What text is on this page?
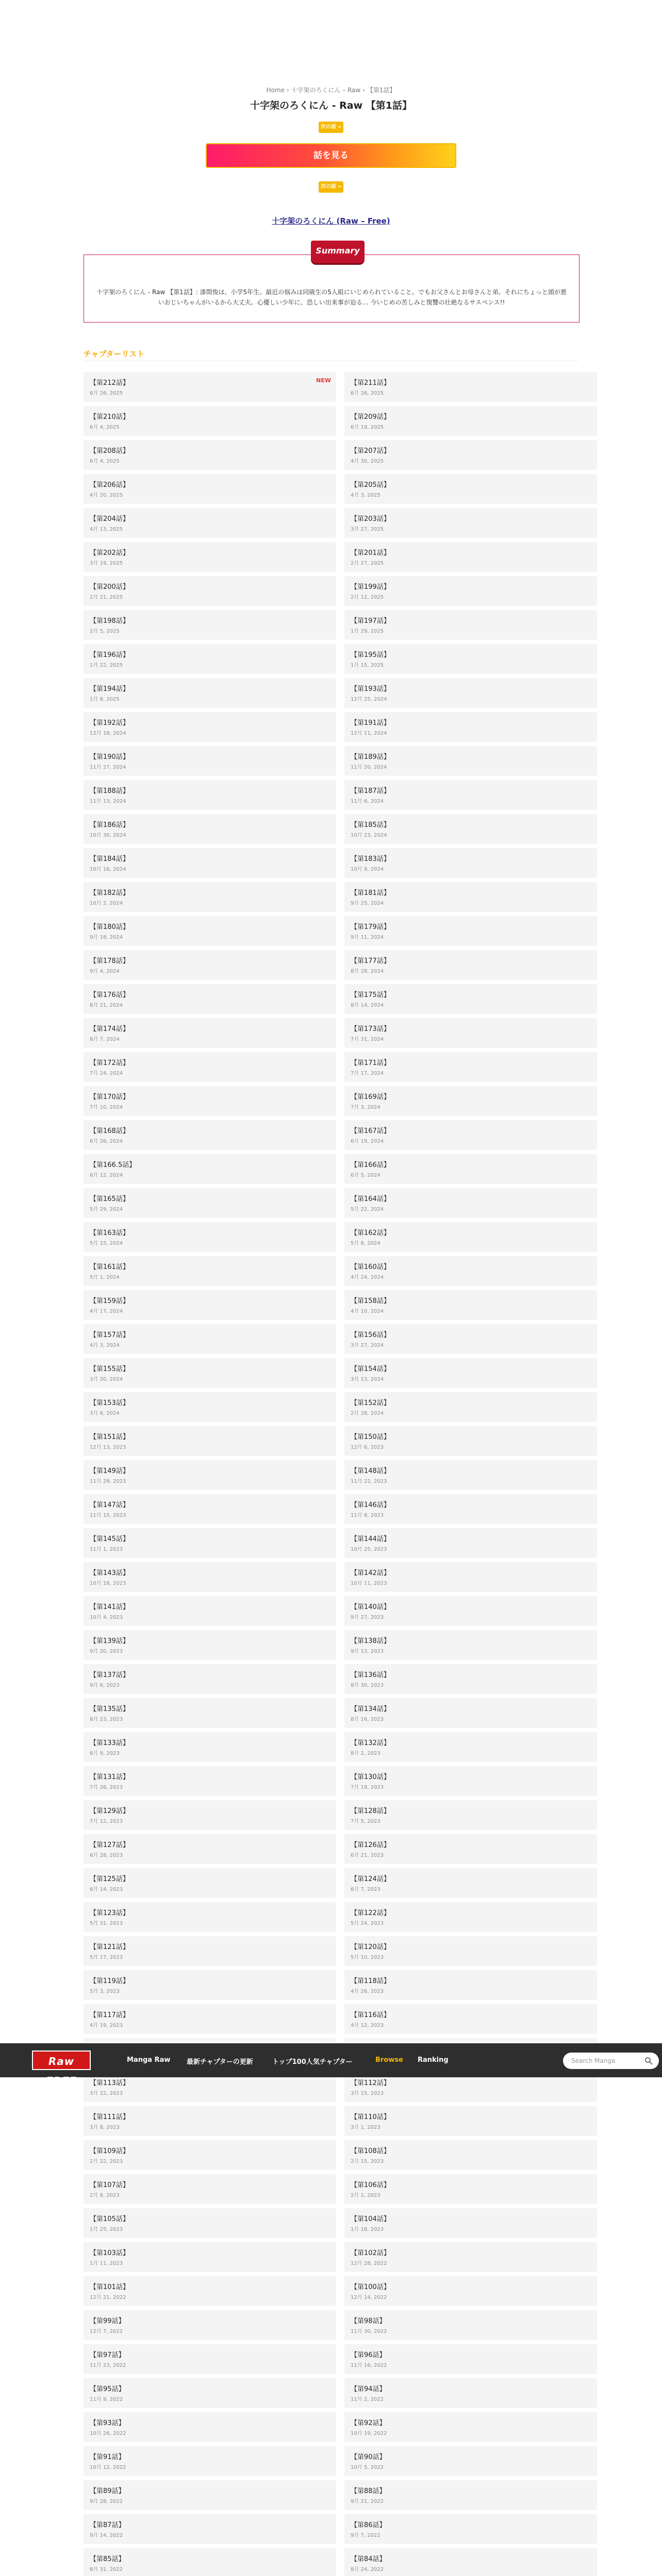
Home › 十字架のろくにん – Raw › 【第1話】
十字架のろくにん - Raw 【第1話】
次の話 »
話を見る
次の話 »
十字架のろくにん (Raw – Free)
Summary
十字架のろくにん - Raw 【第1話】: 漆間俊は、小学5年生。最近の悩みは同級生の5人組にいじめられていること。でもお父さんとお母さんと弟、それにちょっと頭が悪いおじいちゃんがいるから大丈夫。心優しい少年に、恐しい出来事が迫る… 今いじめの苦しみと復讐の壮絶なるサスペンス!!
チャプターリスト
【第212話】
6月 26, 2025
NEW	【第211話】
6月 26, 2025
【第210話】
6月 4, 2025
【第209話】
6月 19, 2025
【第208話】
6月 4, 2025
【第207話】
4月 30, 2025
【第206話】
4月 20, 2025
【第205話】
4月 3, 2025
【第204話】
4月 13, 2025
【第203話】
3月 27, 2025
【第202話】
3月 19, 2025
【第201話】
2月 27, 2025
【第200話】
2月 21, 2025
【第199話】
2月 12, 2025
【第198話】
2月 5, 2025
【第197話】
1月 29, 2025
【第196話】
1月 22, 2025
【第195話】
1月 15, 2025
【第194話】
1月 8, 2025
【第193話】
12月 25, 2024
【第192話】
12月 18, 2024
【第191話】
12月 11, 2024
【第190話】
11月 27, 2024
【第189話】
11月 20, 2024
【第188話】
11月 13, 2024
【第187話】
11月 6, 2024
【第186話】
10月 30, 2024
【第185話】
10月 23, 2024
【第184話】
10月 16, 2024
【第183話】
10月 9, 2024
【第182話】
10月 2, 2024
【第181話】
9月 25, 2024
【第180話】
9月 18, 2024
【第179話】
9月 11, 2024
【第178話】
9月 4, 2024
【第177話】
8月 28, 2024
【第176話】
8月 21, 2024
【第175話】
8月 14, 2024
【第174話】
8月 7, 2024
【第173話】
7月 31, 2024
【第172話】
7月 24, 2024
【第171話】
7月 17, 2024
【第170話】
7月 10, 2024
【第169話】
7月 3, 2024
【第168話】
6月 26, 2024
【第167話】
6月 19, 2024
【第166.5話】
6月 12, 2024
【第166話】
6月 5, 2024
【第165話】
5月 29, 2024
【第164話】
5月 22, 2024
【第163話】
5月 15, 2024
【第162話】
5月 8, 2024
【第161話】
5月 1, 2024
【第160話】
4月 24, 2024
【第159話】
4月 17, 2024
【第158話】
4月 10, 2024
【第157話】
4月 3, 2024
【第156話】
3月 27, 2024
【第155話】
3月 20, 2024
【第154話】
3月 13, 2024
【第153話】
3月 6, 2024
【第152話】
2月 28, 2024
【第151話】
12月 13, 2023
【第150話】
12月 6, 2023
【第149話】
11月 29, 2023
【第148話】
11月 22, 2023
【第147話】
11月 15, 2023
【第146話】
11月 8, 2023
【第145話】
11月 1, 2023
【第144話】
10月 25, 2023
【第143話】
10月 18, 2023
【第142話】
10月 11, 2023
【第141話】
10月 4, 2023
【第140話】
9月 27, 2023
【第139話】
9月 20, 2023
【第138話】
9月 13, 2023
【第137話】
9月 6, 2023
【第136話】
8月 30, 2023
【第135話】
8月 23, 2023
【第134話】
8月 16, 2023
【第133話】
8月 9, 2023
【第132話】
8月 2, 2023
【第131話】
7月 26, 2023
【第130話】
7月 19, 2023
【第129話】
7月 12, 2023
【第128話】
7月 5, 2023
【第127話】
6月 28, 2023
【第126話】
6月 21, 2023
【第125話】
6月 14, 2023
【第124話】
6月 7, 2023
【第123話】
5月 31, 2023
【第122話】
5月 24, 2023
【第121話】
5月 17, 2023
【第120話】
5月 10, 2023
【第119話】
5月 3, 2023
【第118話】
4月 26, 2023
【第117話】
4月 19, 2023
【第116話】
4月 12, 2023
【第113話】
3月 22, 2023
【第112話】
3月 15, 2023
【第111話】
3月 8, 2023
【第110話】
3月 1, 2023
【第109話】
2月 22, 2023
【第108話】
2月 15, 2023
【第107話】
2月 8, 2023
【第106話】
2月 1, 2023
【第105話】
1月 25, 2023
【第104話】
1月 18, 2023
【第103話】
1月 11, 2023
【第102話】
12月 28, 2022
【第101話】
12月 21, 2022
【第100話】
12月 14, 2022
【第99話】
12月 7, 2022
【第98話】
11月 30, 2022
【第97話】
11月 23, 2022
【第96話】
11月 16, 2022
【第95話】
11月 9, 2022
【第94話】
11月 2, 2022
【第93話】
10月 26, 2022
【第92話】
10月 19, 2022
【第91話】
10月 12, 2022
【第90話】
10月 5, 2022
【第89話】
9月 28, 2022
【第88話】
9月 21, 2022
【第87話】
9月 14, 2022
【第86話】
9月 7, 2022
【第85話】
8月 31, 2022
【第84話】
8月 24, 2022
Raw FREE
Manga Raw 最新チャプターの更新	トップ100人気チャプター	Browse Ranking	Search Manga
